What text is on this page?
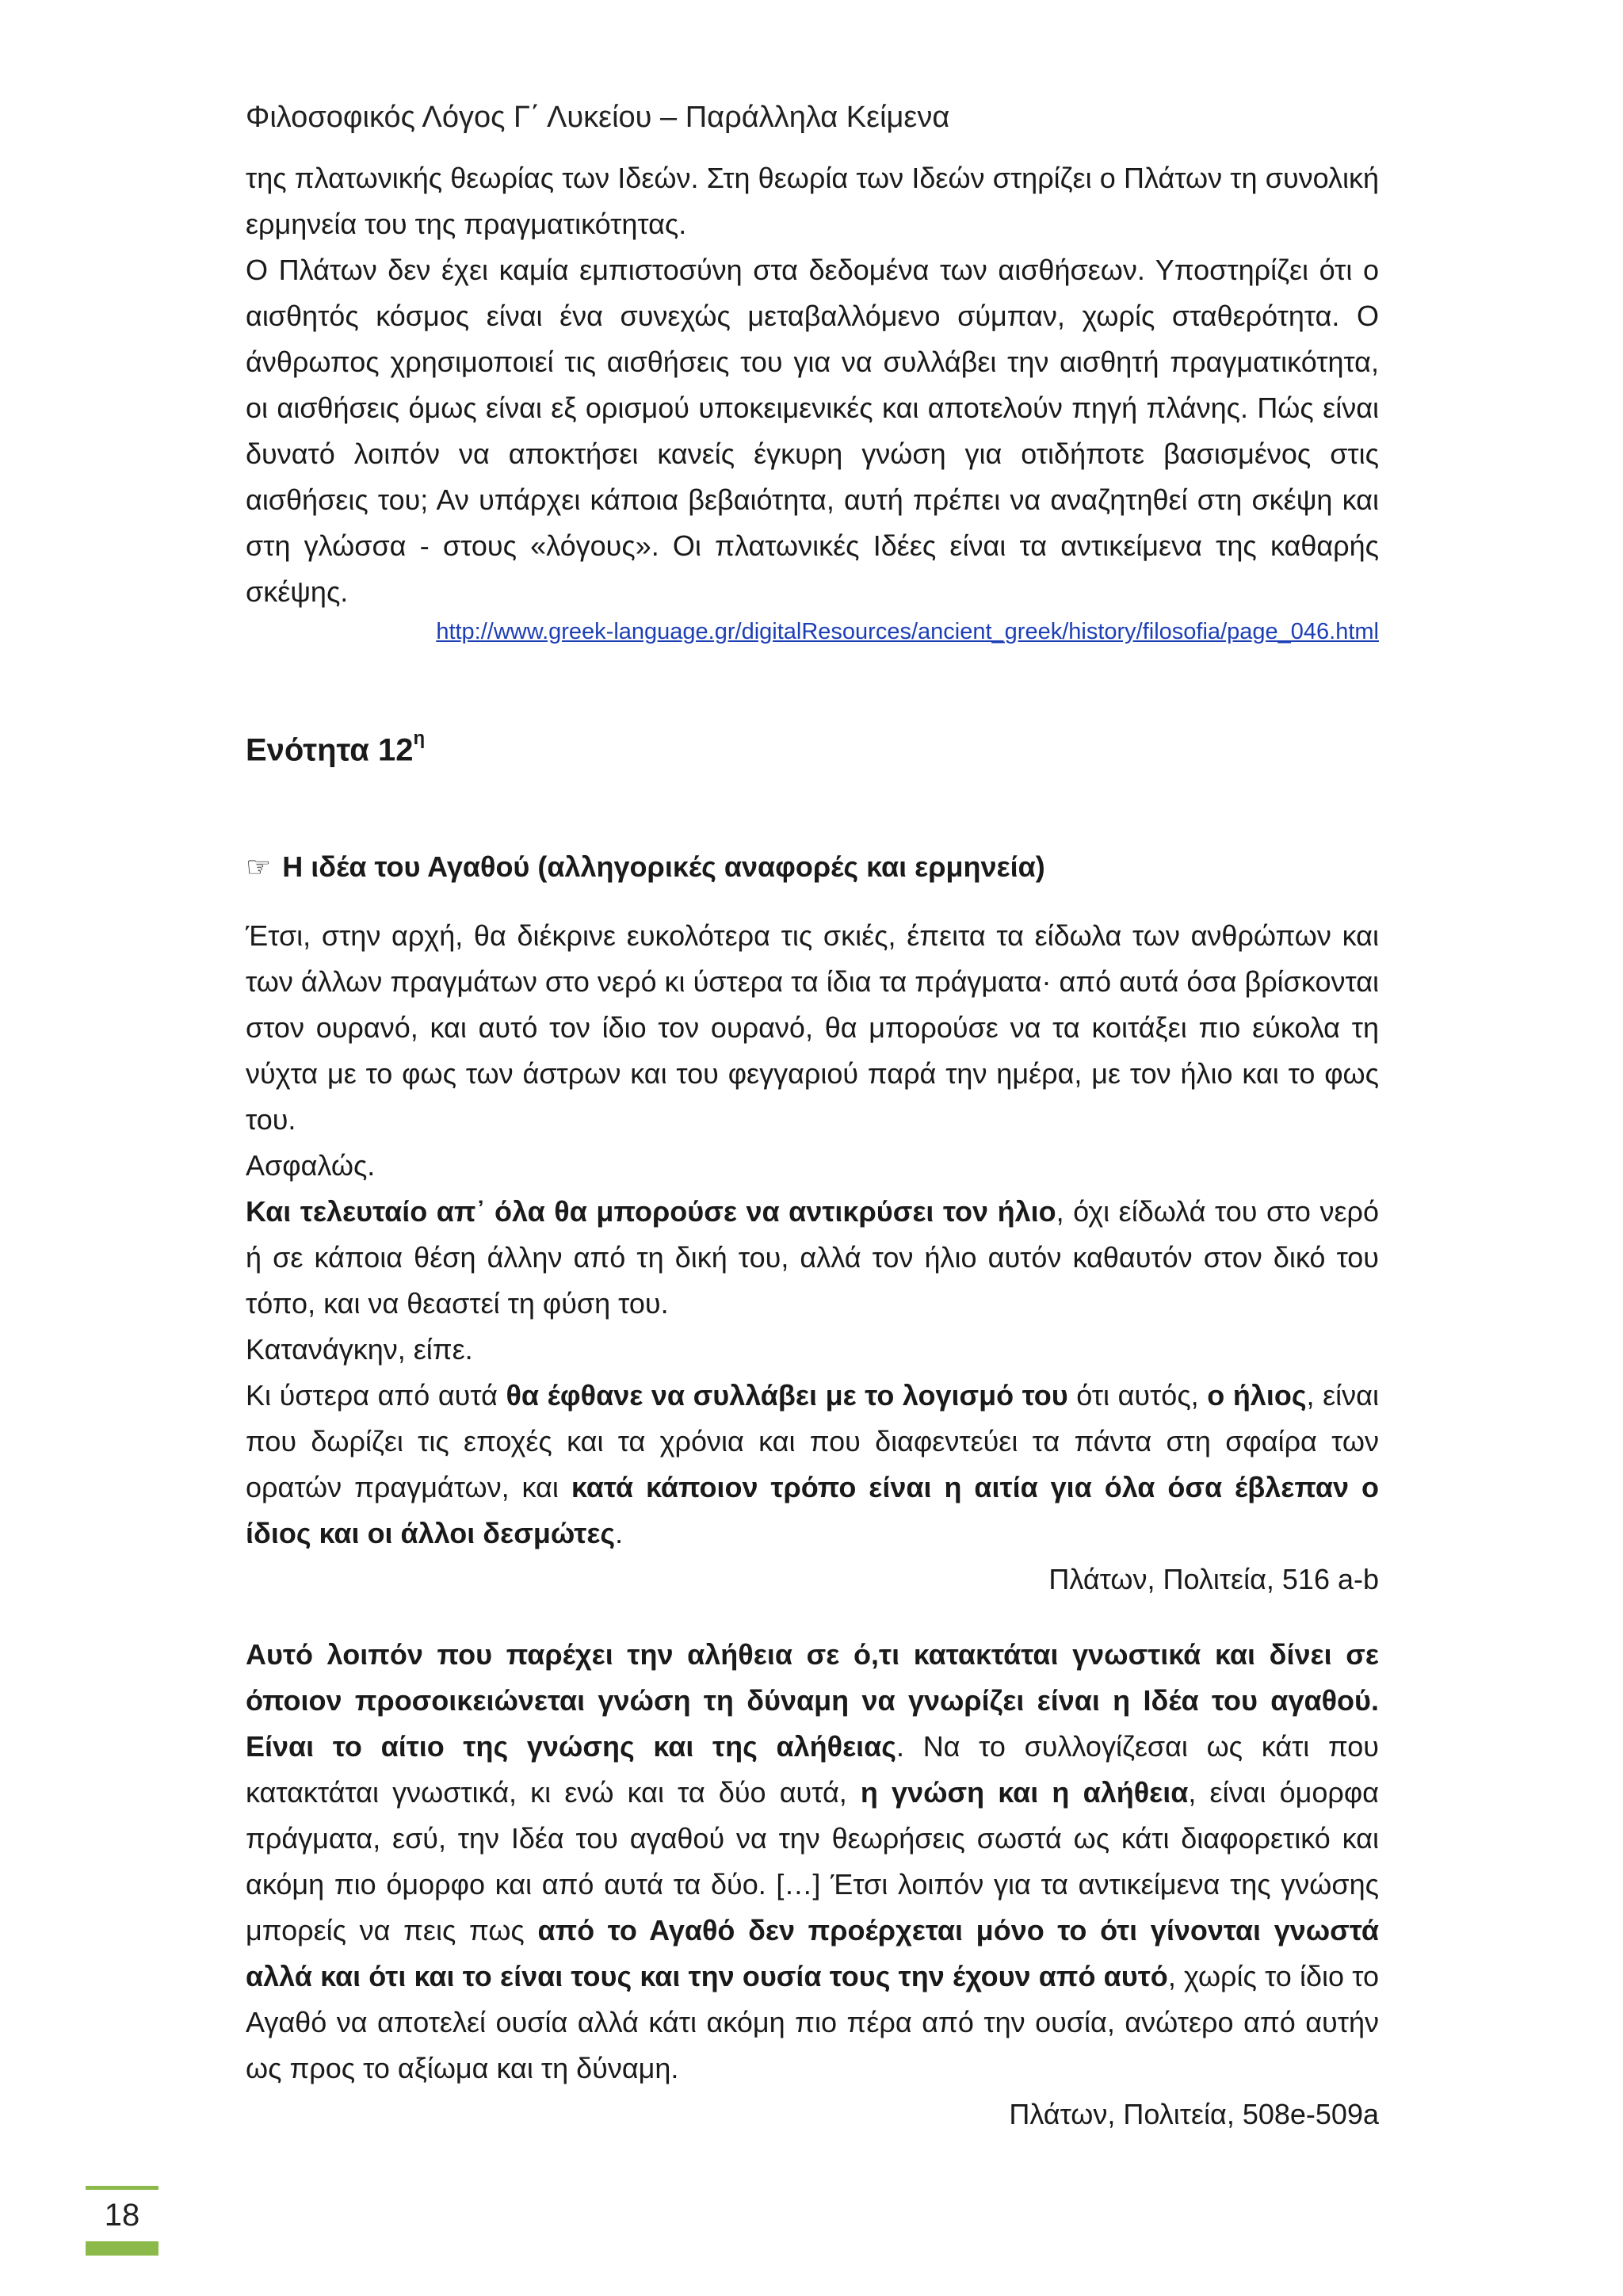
Φιλοσοφικός Λόγος Γ΄ Λυκείου – Παράλληλα Κείμενα

της πλατωνικής θεωρίας των Ιδεών. Στη θεωρία των Ιδεών στηρίζει ο Πλάτων τη συνολική ερμηνεία του της πραγματικότητας.

Ο Πλάτων δεν έχει καμία εμπιστοσύνη στα δεδομένα των αισθήσεων. Υποστηρίζει ότι ο αισθητός κόσμος είναι ένα συνεχώς μεταβαλλόμενο σύμπαν, χωρίς σταθερότητα. Ο άνθρωπος χρησιμοποιεί τις αισθήσεις του για να συλλάβει την αισθητή πραγματικότητα, οι αισθήσεις όμως είναι εξ ορισμού υποκειμενικές και αποτελούν πηγή πλάνης. Πώς είναι δυνατό λοιπόν να αποκτήσει κανείς έγκυρη γνώση για οτιδήποτε βασισμένος στις αισθήσεις του; Αν υπάρχει κάποια βεβαιότητα, αυτή πρέπει να αναζητηθεί στη σκέψη και στη γλώσσα - στους «λόγους». Οι πλατωνικές Ιδέες είναι τα αντικείμενα της καθαρής σκέψης.

http://www.greek-language.gr/digitalResources/ancient_greek/history/filosofia/page_046.html
Ενότητα $12^\eta$
☞ Η ιδέα του Αγαθού (αλληγορικές αναφορές και ερμηνεία)

Έτσι, στην αρχή, θα διέκρινε ευκολότερα τις σκιές, έπειτα τα είδωλα των ανθρώπων και των άλλων πραγμάτων στο νερό κι ύστερα τα ίδια τα πράγματα· από αυτά όσα βρίσκονται στον ουρανό, και αυτό τον ίδιο τον ουρανό, θα μπορούσε να τα κοιτάξει πιο εύκολα τη νύχτα με το φως των άστρων και του φεγγαριού παρά την ημέρα, με τον ήλιο και το φως του.

Ασφαλώς.

Και τελευταίο απ᾽ όλα θα μπορούσε να αντικρύσει τον ήλιο, όχι είδωλά του στο νερό ή σε κάποια θέση άλλην από τη δική του, αλλά τον ήλιο αυτόν καθαυτόν στον δικό του τόπο, και να θεαστεί τη φύση του.

Κατανάγκην, είπε.

Κι ύστερα από αυτά θα έφθανε να συλλάβει με το λογισμό του ότι αυτός, ο ήλιος, είναι που δωρίζει τις εποχές και τα χρόνια και που διαφεντεύει τα πάντα στη σφαίρα των ορατών πραγμάτων, και κατά κάποιον τρόπο είναι η αιτία για όλα όσα έβλεπαν ο ίδιος και οι άλλοι δεσμώτες.

Πλάτων, Πολιτεία, 516 a-b

Αυτό λοιπόν που παρέχει την αλήθεια σε ό,τι κατακτάται γνωστικά και δίνει σε όποιον προσοικειώνεται γνώση τη δύναμη να γνωρίζει είναι η Ιδέα του αγαθού. Είναι το αίτιο της γνώσης και της αλήθειας. Να το συλλογίζεσαι ως κάτι που κατακτάται γνωστικά, κι ενώ και τα δύο αυτά, η γνώση και η αλήθεια, είναι όμορφα πράγματα, εσύ, την Ιδέα του αγαθού να την θεωρήσεις σωστά ως κάτι διαφορετικό και ακόμη πιο όμορφο και από αυτά τα δύο. […] Έτσι λοιπόν για τα αντικείμενα της γνώσης μπορείς να πεις πως από το Αγαθό δεν προέρχεται μόνο το ότι γίνονται γνωστά αλλά και ότι και το είναι τους και την ουσία τους την έχουν από αυτό, χωρίς το ίδιο το Αγαθό να αποτελεί ουσία αλλά κάτι ακόμη πιο πέρα από την ουσία, ανώτερο από αυτήν ως προς το αξίωμα και τη δύναμη.

Πλάτων, Πολιτεία, 508e-509a

18
